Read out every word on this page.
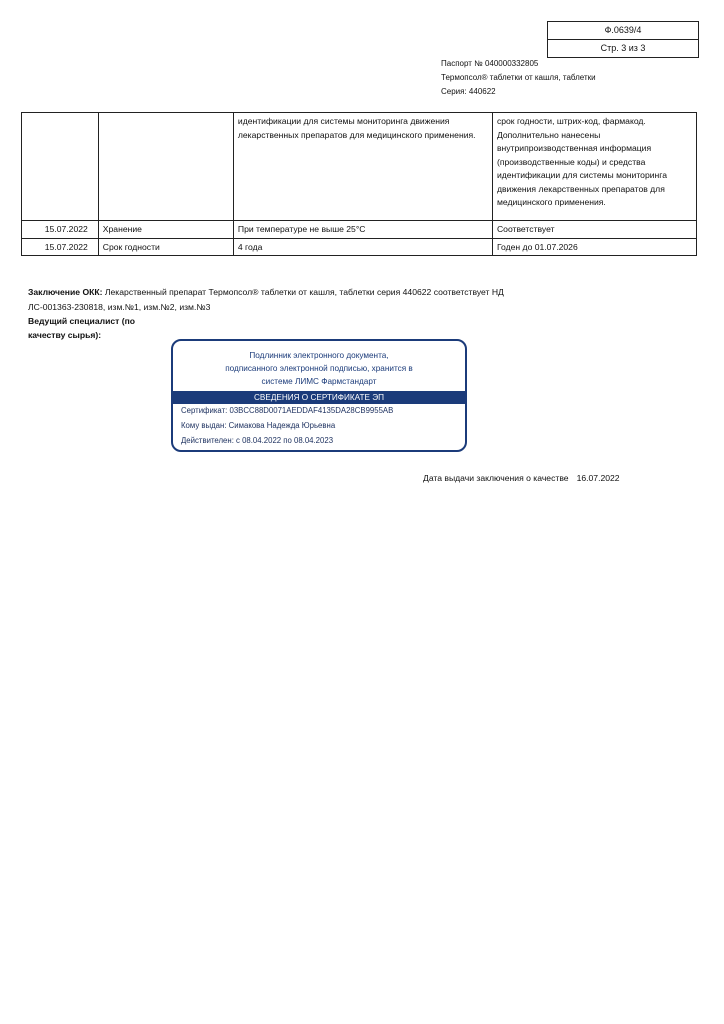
Ф.0639/4
Стр. 3 из 3
Паспорт № 040000332805
Термопсол® таблетки от кашля, таблетки
Серия: 440622
		идентификации для системы мониторинга движения лекарственных препаратов для медицинского применения.	срок годности, штрих-код, фармакод. Дополнительно нанесены внутрипроизводственная информация (производственные коды) и средства идентификации для системы мониторинга движения лекарственных препаратов для медицинского применения.
15.07.2022	Хранение	При температуре не выше 25°С	Соответствует
15.07.2022	Срок годности	4 года	Годен до 01.07.2026
Заключение ОКК: Лекарственный препарат Термопсол® таблетки от кашля, таблетки серия 440622 соответствует НД ЛС-001363-230818, изм.№1, изм.№2, изм.№3
Ведущий специалист (по качеству сырья):
Подлинник электронного документа,
подписанного электронной подписью, хранится в
системе ЛИМС Фармстандарт
СВЕДЕНИЯ О СЕРТИФИКАТЕ ЭП
Сертификат: 03BCC88D0071AEDDAF4135DA28CB9955AB
Кому выдан: Симакова Надежда Юрьевна
Действителен: с 08.04.2022 по 08.04.2023
Дата выдачи заключения о качестве 16.07.2022
